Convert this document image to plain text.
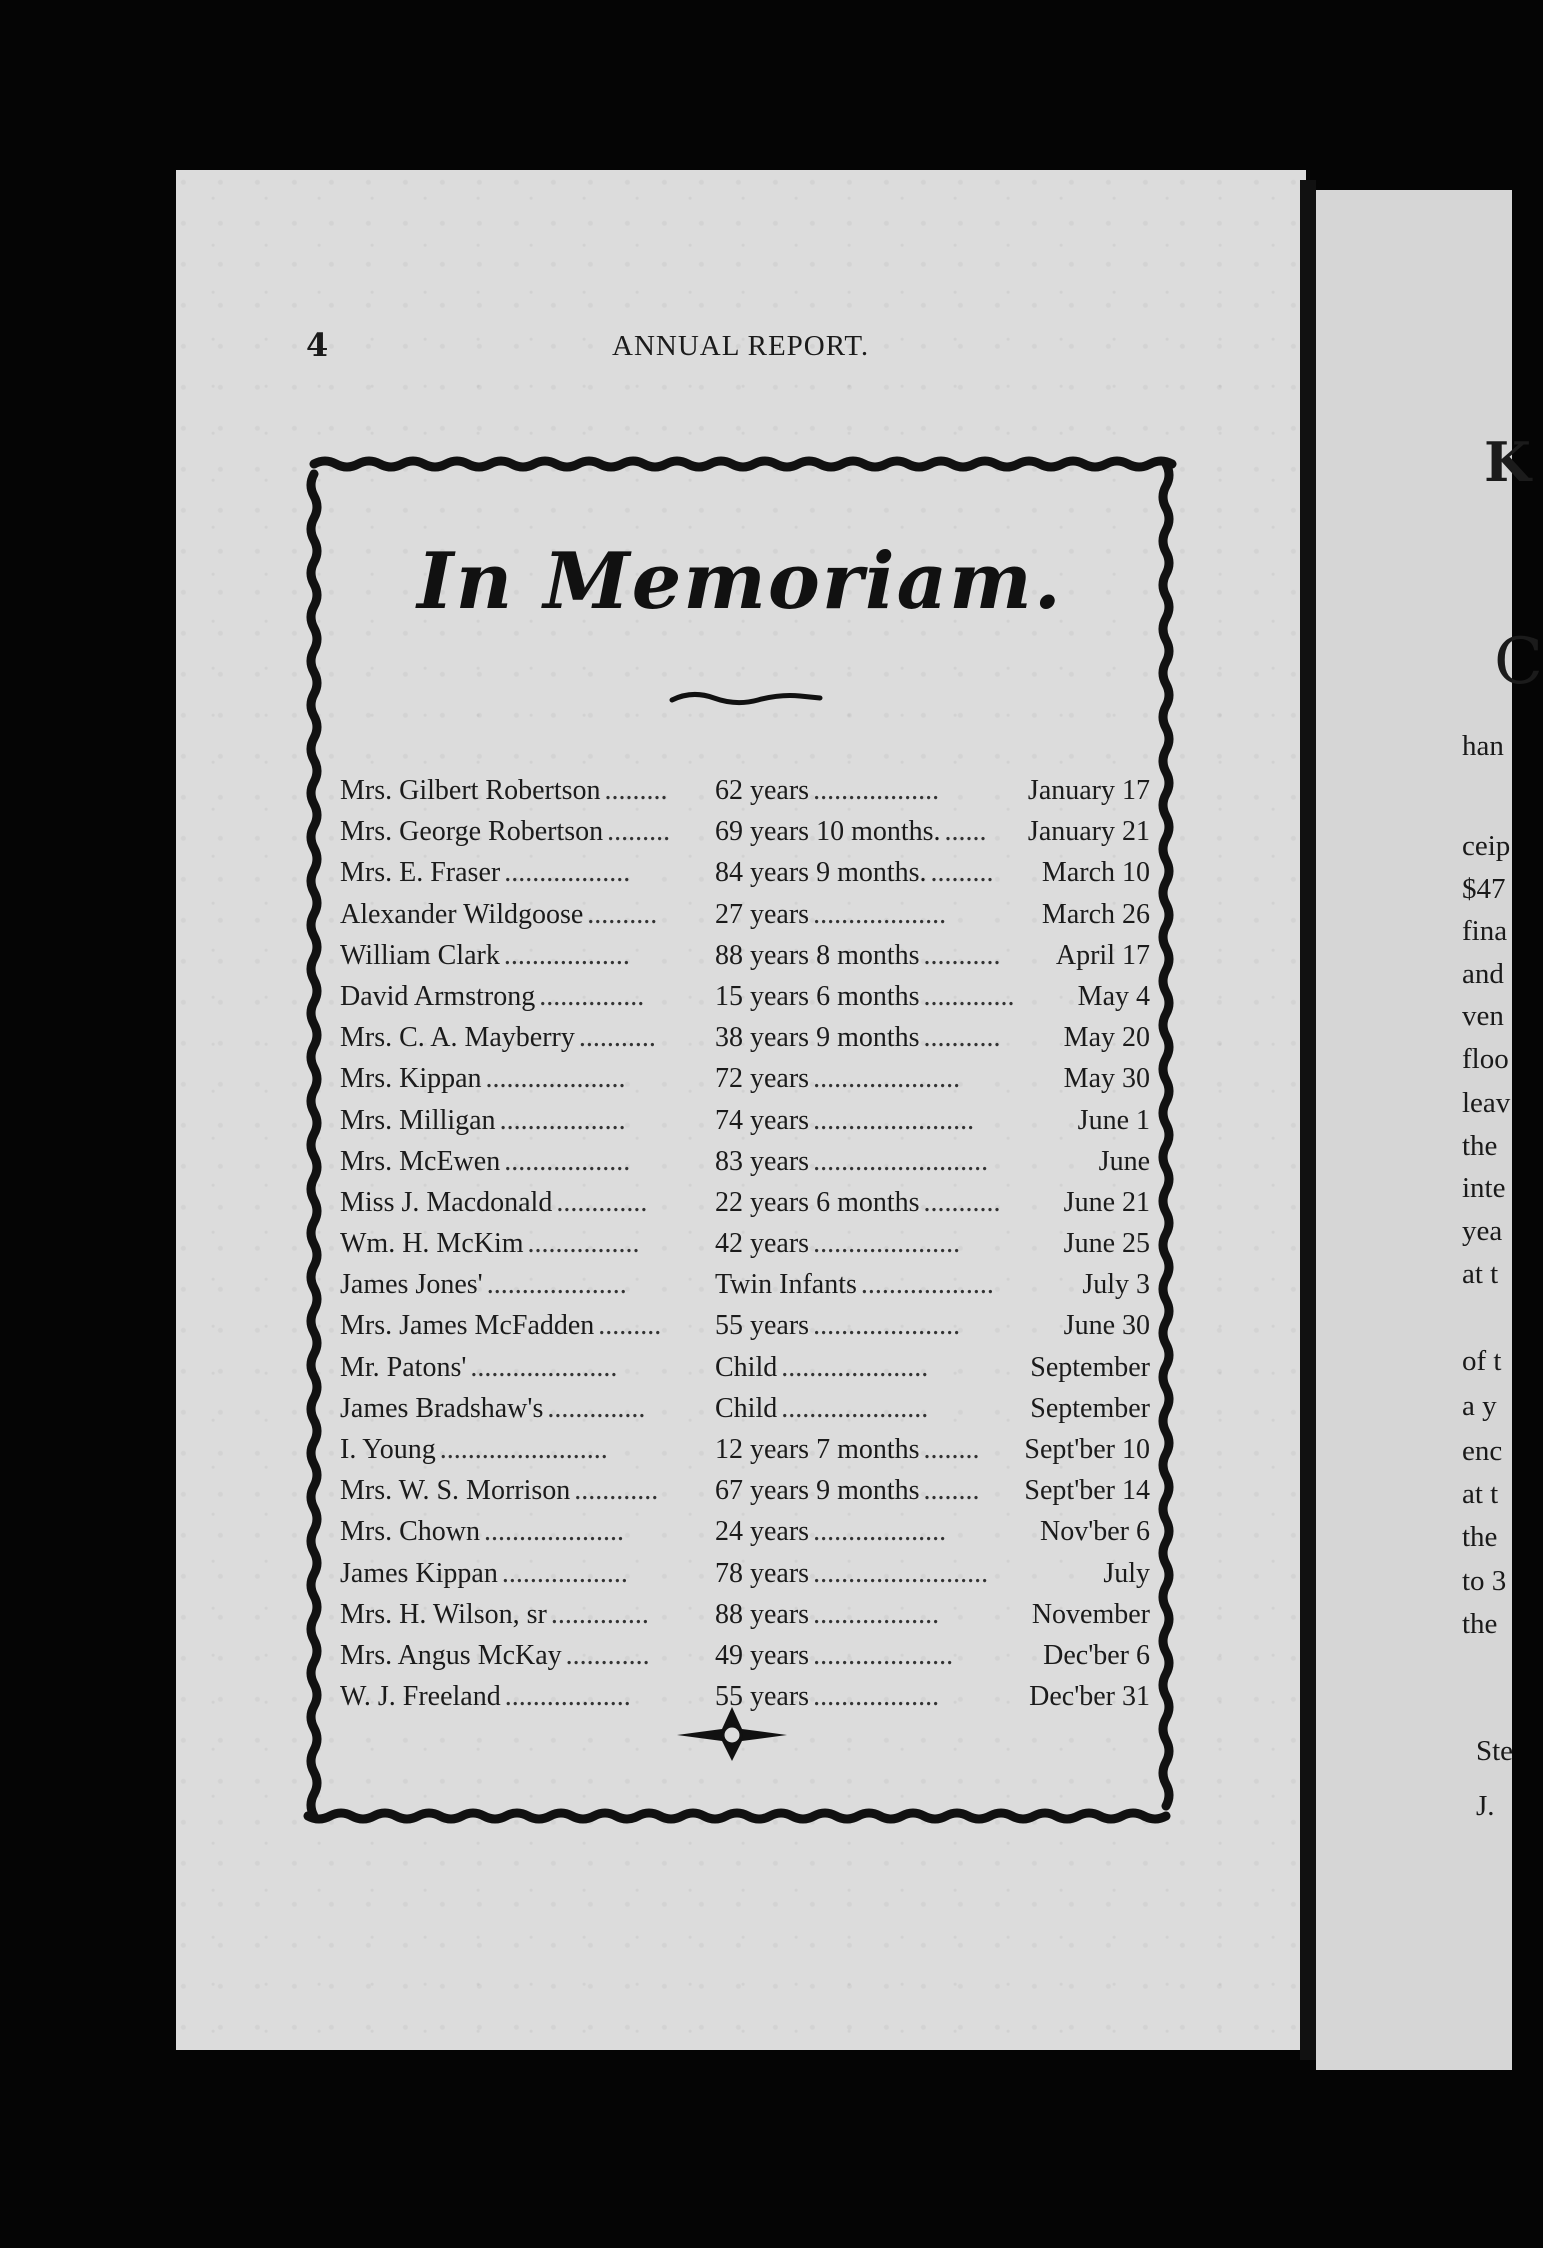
4	ANNUAL REPORT.
In Memoriam.
Mrs. Gilbert Robertson	62 years	January 17
.........	..................
Mrs. George Robertson	69 years 10 months.	January 21
.........	......
Mrs. E. Fraser	84 years 9 months.	March 10
..................	.........
Alexander Wildgoose	27 years	March 26
..........	...................
William Clark	88 years 8 months	April 17
..................	...........
David Armstrong	15 years 6 months	May 4
...............	.............
Mrs. C. A. Mayberry	38 years 9 months	May 20
...........	...........
Mrs. Kippan	72 years	May 30
....................	.....................
Mrs. Milligan	74 years	June 1
..................	.......................
Mrs. McEwen	83 years	June
..................	.........................
Miss J. Macdonald	22 years 6 months	June 21
.............	...........
Wm. H. McKim	42 years	June 25
................	.....................
James Jones'	Twin Infants	July 3
....................	...................
Mrs. James McFadden	55 years	June 30
.........	.....................
Mr. Patons'	Child	September
.....................	.....................
James Bradshaw's	Child	September
..............	.....................
I. Young	12 years 7 months	Sept'ber 10
........................	........
Mrs. W. S. Morrison	67 years 9 months	Sept'ber 14
............	........
Mrs. Chown	24 years	Nov'ber 6
....................	...................
James Kippan	78 years	July
..................	.........................
Mrs. H. Wilson, sr	88 years	November
..............	..................
Mrs. Angus McKay	49 years	Dec'ber 6
............	....................
W. J. Freeland	55 years	Dec'ber 31
..................	..................
K
C
han
ceip
$47
fina
and
ven
floo
leav
the
inte
yea
at t
of t
a y
enc
at t
the
to 3
the
Ste
J.
